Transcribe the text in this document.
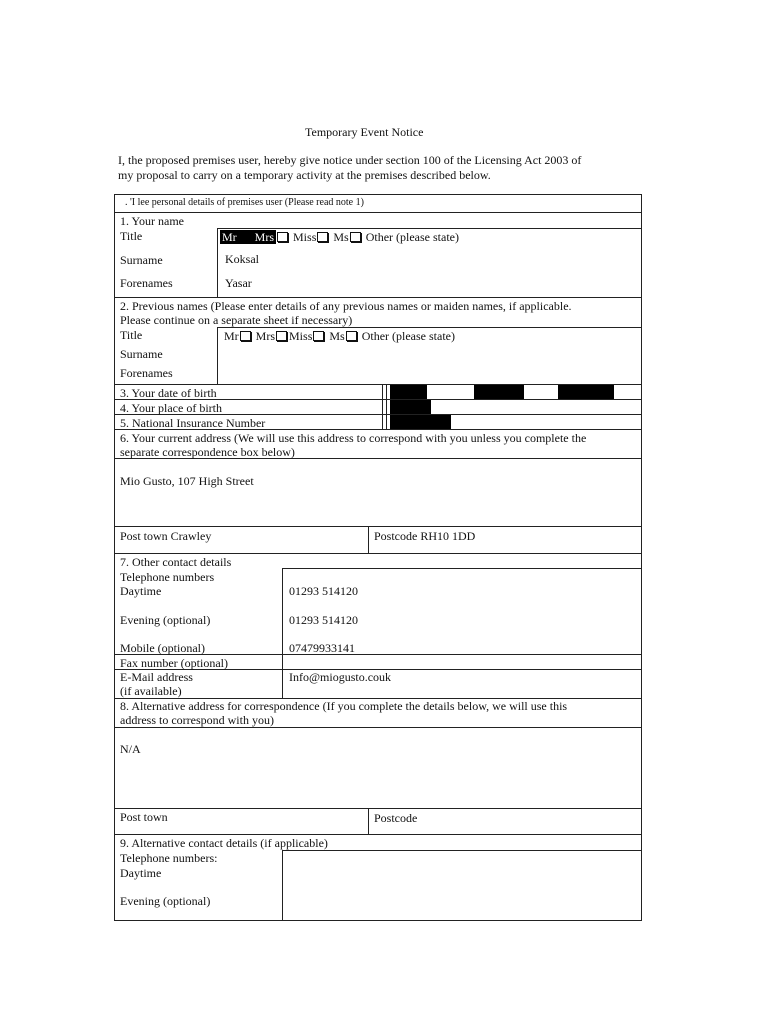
Temporary Event Notice
I, the proposed premises user, hereby give notice under section 100 of the Licensing Act 2003 of
my proposal to carry on a temporary activity at the premises described below.
. 'I lee personal details of premises user (Please read note 1)
1. Your name
Title	Mr Mrs Miss Ms Other (please state)
Surname	Koksal
Forenames	Yasar
2. Previous names (Please enter details of any previous names or maiden names, if applicable.
Please continue on a separate sheet if necessary)
Title	Mr Mrs Miss Ms Other (please state)
Surname
Forenames
3. Your date of birth
4. Your place of birth
5. National Insurance Number
6. Your current address (We will use this address to correspond with you unless you complete the
separate correspondence box below)
Mio Gusto, 107 High Street
Post town Crawley	Postcode RH10 1DD
7. Other contact details
Telephone numbers
Daytime	01293 514120
Evening (optional)	01293 514120
Mobile (optional)	07479933141
Fax number (optional)
E-Mail address
(if available)
Info@miogusto.couk
8. Alternative address for correspondence (If you complete the details below, we will use this
address to correspond with you)
N/A
Post town	Postcode
9. Alternative contact details (if applicable)
Telephone numbers:
Daytime
Evening (optional)
